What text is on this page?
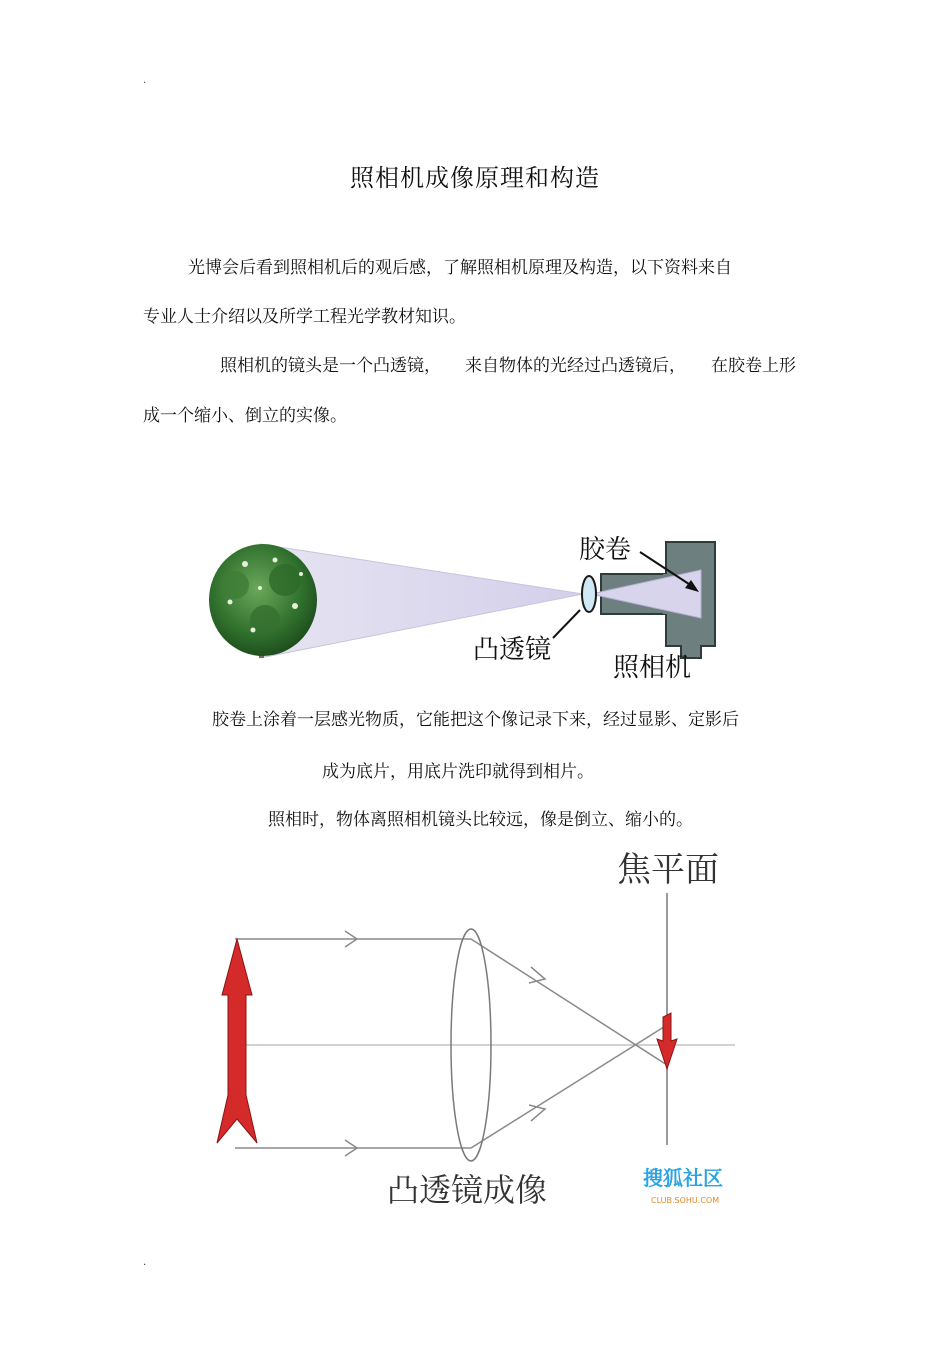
.
照相机成像原理和构造
光博会后看到照相机后的观后感，了解照相机原理及构造，以下资料来自
专业人士介绍以及所学工程光学教材知识。
照相机的镜头是一个凸透镜， 来自物体的光经过凸透镜后， 在胶卷上形
成一个缩小、倒立的实像。
胶卷
凸透镜
照相机
胶卷上涂着一层感光物质，它能把这个像记录下来，经过显影、定影后
成为底片，用底片洗印就得到相片。
照相时，物体离照相机镜头比较远，像是倒立、缩小的。
焦平面
凸透镜成像	搜狐社区
CLUB.SOHU.COM
.
